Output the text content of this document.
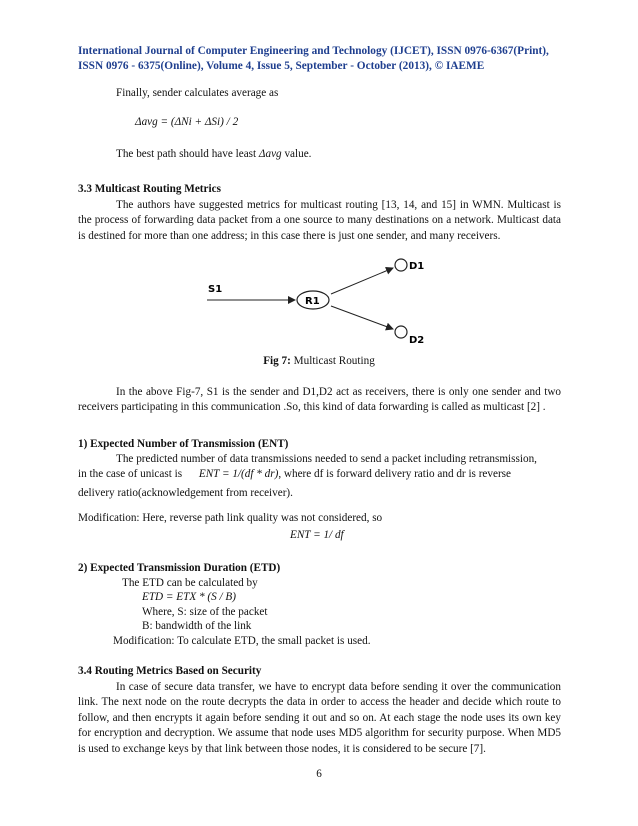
International Journal of Computer Engineering and Technology (IJCET), ISSN 0976-6367(Print),
ISSN 0976 - 6375(Online), Volume 4, Issue 5, September - October (2013), © IAEME
Finally, sender calculates average as
Δavg = (ΔNi + ΔSi) / 2
The best path should have least Δavg value.
3.3 Multicast Routing Metrics
The authors have suggested metrics for multicast routing [13, 14, and 15] in WMN. Multicast is the process of forwarding data packet from a one source to many destinations on a network. Multicast data is destined for more than one address; in this case there is just one sender, and many receivers.
S1
R1
D1
D2
Fig 7: Multicast Routing
In the above Fig-7, S1 is the sender and D1,D2 act as receivers, there is only one sender and two receivers participating in this communication .So, this kind of data forwarding is called as multicast [2] .
1) Expected Number of Transmission (ENT)
The predicted number of data transmissions needed to send a packet including retransmission,
in the case of unicast is ENT = 1/(df * dr), where df is forward delivery ratio and dr is reverse
delivery ratio(acknowledgement from receiver).
Modification: Here, reverse path link quality was not considered, so
ENT = 1/ df
2) Expected Transmission Duration (ETD)
The ETD can be calculated by
ETD = ETX * (S / B)
Where, S: size of the packet
B: bandwidth of the link
Modification: To calculate ETD, the small packet is used.
3.4 Routing Metrics Based on Security
In case of secure data transfer, we have to encrypt data before sending it over the communication link. The next node on the route decrypts the data in order to access the header and decide which route to follow, and then encrypts it again before sending it out and so on. At each stage the node uses its own key for encryption and decryption. We assume that node uses MD5 algorithm for security purpose. When MD5 is used to exchange keys by that link between those nodes, it is considered to be secure [7].
6
